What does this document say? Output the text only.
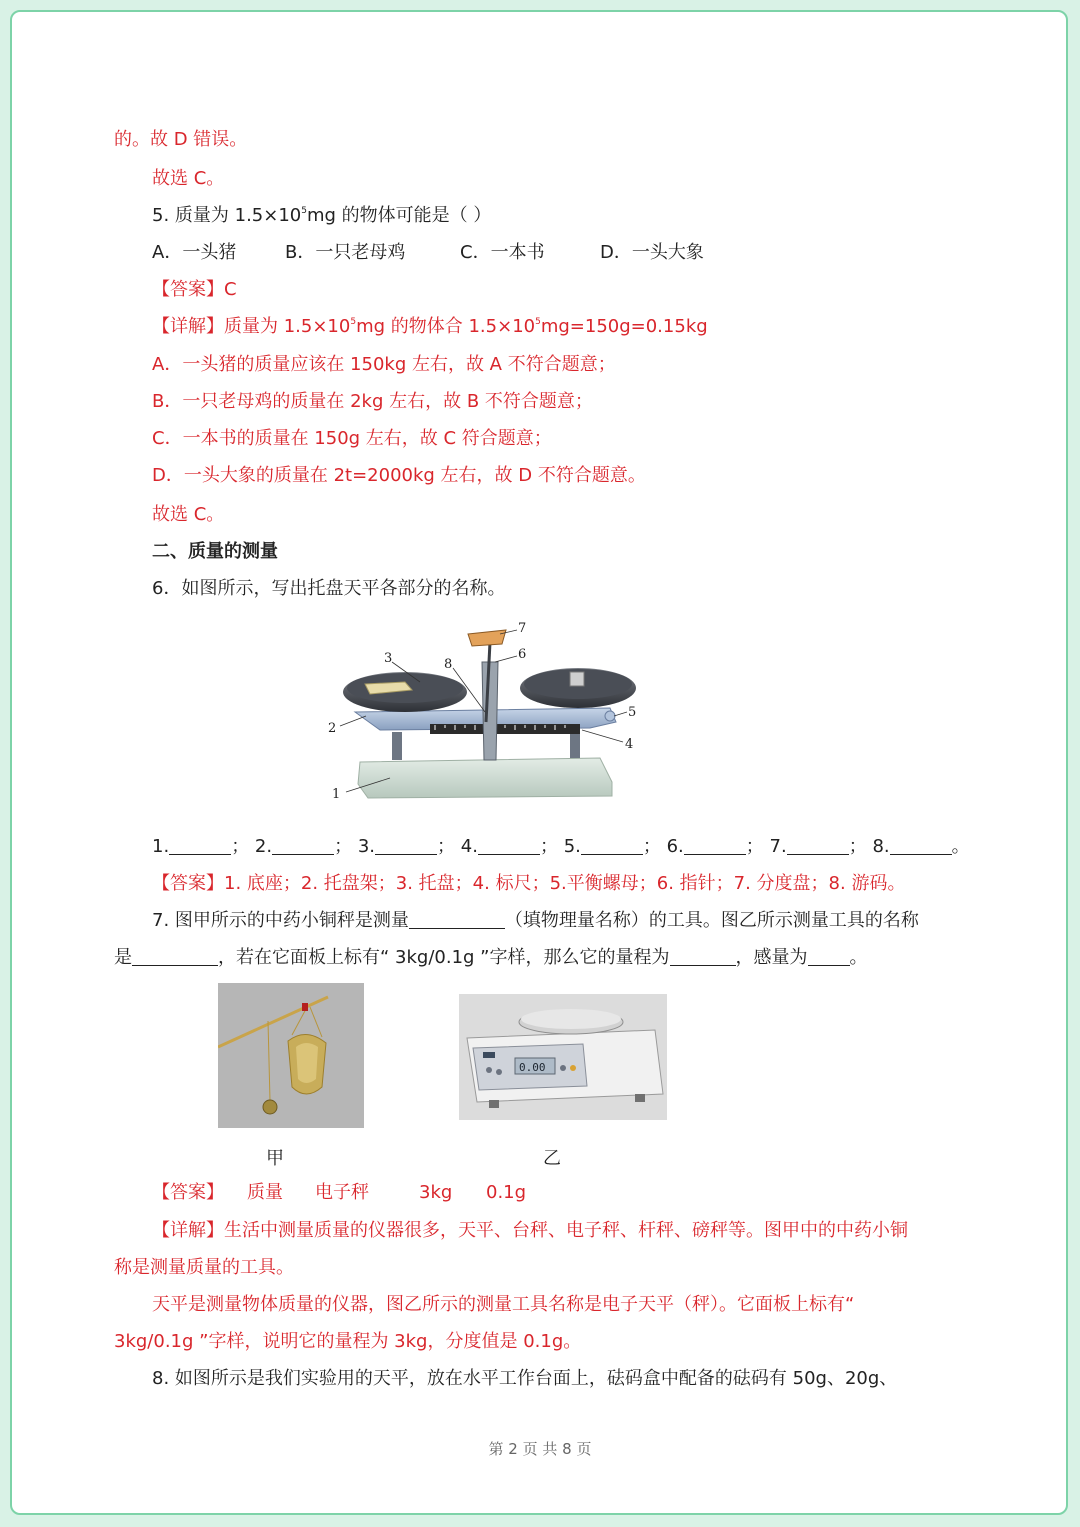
的。故 D 错误。
故选 C。
5. 质量为 $1.5\times 10^5mg$ 的物体可能是（ ）
A．一头猪	B．一只老母鸡	C．一本书	D．一头大象
【答案】C
【详解】质量为 $1.5\times 10^5mg$ 的物体合 $1.5\times 10^5mg=150g=0.15kg$
A．一头猪的质量应该在 150kg 左右，故 A 不符合题意；
B．一只老母鸡的质量在 2kg 左右，故 B 不符合题意；
C．一本书的质量在 150g 左右，故 C 符合题意；
D．一头大象的质量在 2t=2000kg 左右，故 D 不符合题意。
故选 C。
二、质量的测量
6．如图所示，写出托盘天平各部分的名称。
1
2
3
4
5
6
7
8
1.	； 2.	； 3.	； 4.	； 5.	； 6.	； 7.	； 8.	。
【答案】1. 底座；2. 托盘架；3. 托盘；4. 标尺；5.平衡螺母；6. 指针；7. 分度盘；8. 游码。
7. 图甲所示的中药小铜秤是测量	（填物理量名称）的工具。图乙所示测量工具的名称
是	，若在它面板上标有“ 3kg/0.1g ”字样，那么它的量程为	，感量为 。
0.00
甲	乙
【答案】 质量 电子秤	3kg 0.1g
【详解】生活中测量质量的仪器很多，天平、台秤、电子秤、杆秤、磅秤等。图甲中的中药小铜
称是测量质量的工具。
天平是测量物体质量的仪器，图乙所示的测量工具名称是电子天平（秤）。它面板上标有“
3kg/0.1g ”字样，说明它的量程为 3kg，分度值是 0.1g。
8. 如图所示是我们实验用的天平，放在水平工作台面上，砝码盒中配备的砝码有 50g、20g、
第 2 页 共 8 页
